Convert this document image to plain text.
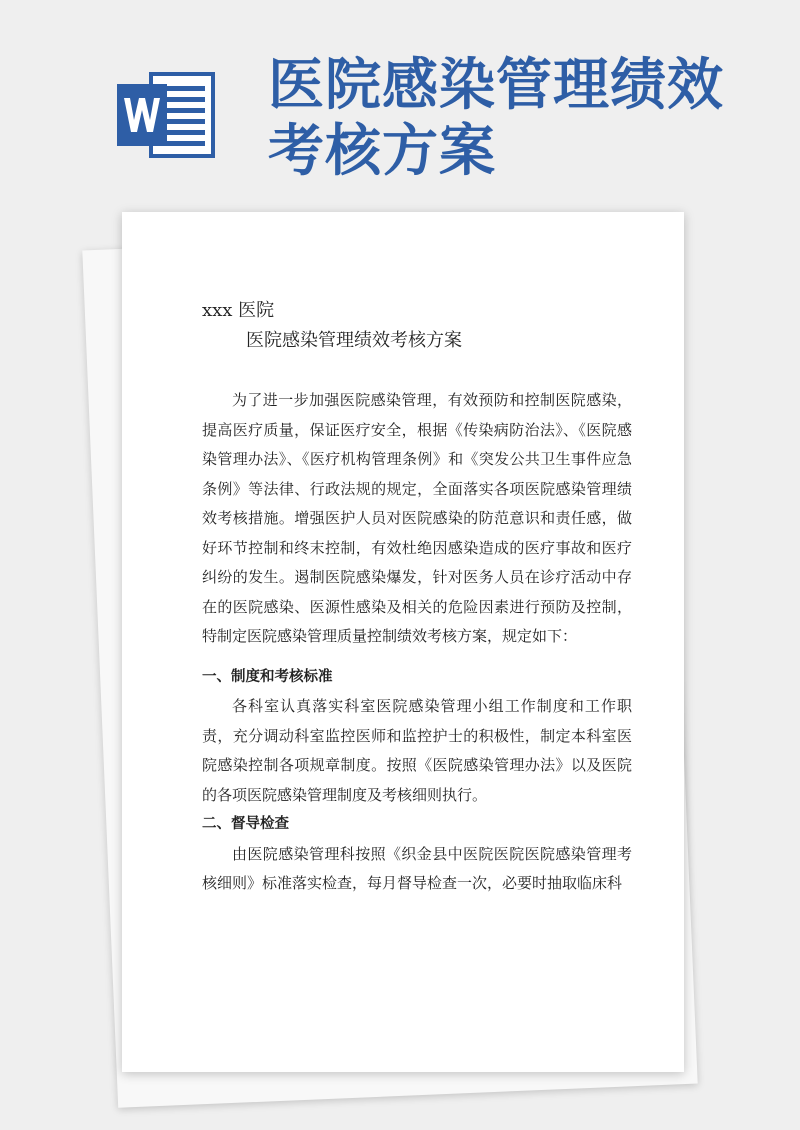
医院感染管理绩效考核方案

xxx 医院

医院感染管理绩效考核方案

为了进一步加强医院感染管理，有效预防和控制医院感染，提高医疗质量，保证医疗安全，根据《传染病防治法》、《医院感染管理办法》、《医疗机构管理条例》和《突发公共卫生事件应急条例》等法律、行政法规的规定，全面落实各项医院感染管理绩效考核措施。增强医护人员对医院感染的防范意识和责任感，做好环节控制和终末控制，有效杜绝因感染造成的医疗事故和医疗纠纷的发生。遏制医院感染爆发，针对医务人员在诊疗活动中存在的医院感染、医源性感染及相关的危险因素进行预防及控制，特制定医院感染管理质量控制绩效考核方案，规定如下：

一、制度和考核标准

各科室认真落实科室医院感染管理小组工作制度和工作职责，充分调动科室监控医师和监控护士的积极性，制定本科室医院感染控制各项规章制度。按照《医院感染管理办法》以及医院的各项医院感染管理制度及考核细则执行。

二、督导检查

由医院感染管理科按照《织金县中医院医院医院感染管理考核细则》标准落实检查，每月督导检查一次，必要时抽取临床科
